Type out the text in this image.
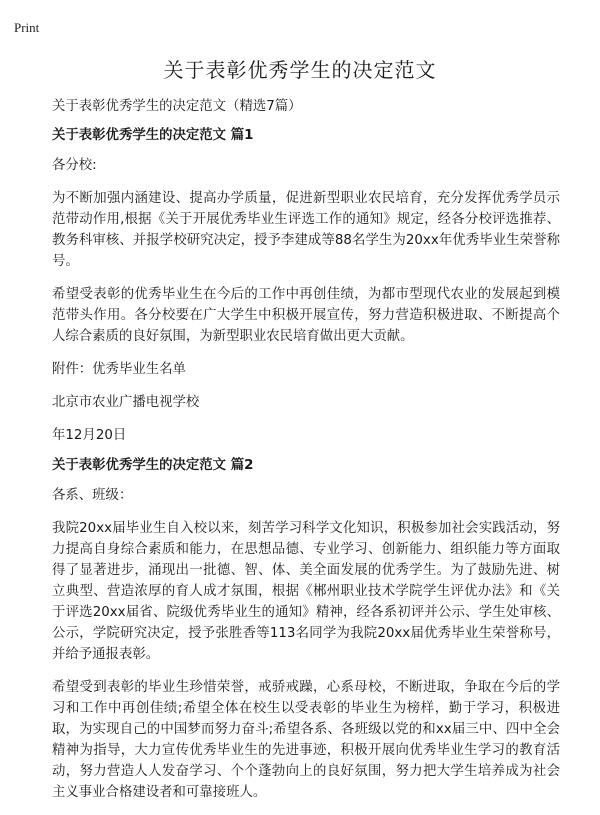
Print
关于表彰优秀学生的决定范文

关于表彰优秀学生的决定范文（精选7篇）

关于表彰优秀学生的决定范文 篇1

各分校:

为不断加强内涵建设、提高办学质量，促进新型职业农民培育，充分发挥优秀学员示范带动作用,根据《关于开展优秀毕业生评选工作的通知》规定，经各分校评选推荐、教务科审核、并报学校研究决定，授予李建成等88名学生为20xx年优秀毕业生荣誉称号。

希望受表彰的优秀毕业生在今后的工作中再创佳绩，为都市型现代农业的发展起到模范带头作用。各分校要在广大学生中积极开展宣传，努力营造积极进取、不断提高个人综合素质的良好氛围，为新型职业农民培育做出更大贡献。

附件：优秀毕业生名单

北京市农业广播电视学校

年12月20日

关于表彰优秀学生的决定范文 篇2

各系、班级：

我院20xx届毕业生自入校以来，刻苦学习科学文化知识，积极参加社会实践活动，努力提高自身综合素质和能力，在思想品德、专业学习、创新能力、组织能力等方面取得了显著进步，涌现出一批德、智、体、美全面发展的优秀学生。为了鼓励先进、树立典型、营造浓厚的育人成才氛围，根据《郴州职业技术学院学生评优办法》和《关于评选20xx届省、院级优秀毕业生的通知》精神，经各系初评并公示、学生处审核、公示，学院研究决定，授予张胜香等113名同学为我院20xx届优秀毕业生荣誉称号，并给予通报表彰。

希望受到表彰的毕业生珍惜荣誉，戒骄戒躁，心系母校，不断进取，争取在今后的学习和工作中再创佳绩;希望全体在校生以受表彰的毕业生为榜样，勤于学习，积极进取，为实现自己的中国梦而努力奋斗;希望各系、各班级以党的和xx届三中、四中全会精神为指导，大力宣传优秀毕业生的先进事迹，积极开展向优秀毕业生学习的教育活动，努力营造人人发奋学习、个个蓬勃向上的良好氛围，努力把大学生培养成为社会主义事业合格建设者和可靠接班人。
